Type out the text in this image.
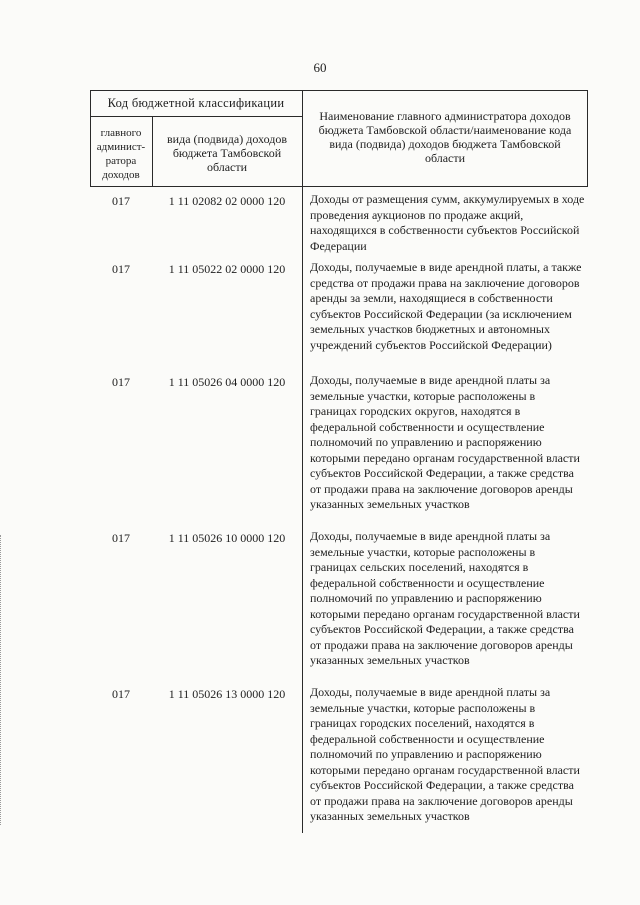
60
Код бюджетной классификации
главного админист-ратора доходов
вида (подвида) доходов бюджета Тамбовской области
Наименование главного администратора доходов бюджета Тамбовской области/наименование кода вида (подвида) доходов бюджета Тамбовской области
017	1 11 02082 02 0000 120	Доходы от размещения сумм, аккумулируемых в ходе проведения аукционов по продаже акций, находящихся в собственности субъектов Российской Федерации
017	1 11 05022 02 0000 120	Доходы, получаемые в виде арендной платы, а также средства от продажи права на заключение договоров аренды за земли, находящиеся в собственности субъектов Российской Федерации (за исключением земельных участков бюджетных и автономных учреждений субъектов Российской Федерации)
017	1 11 05026 04 0000 120	Доходы, получаемые в виде арендной платы за земельные участки, которые расположены в границах городских округов, находятся в федеральной собственности и осуществление полномочий по управлению и распоряжению которыми передано органам государственной власти субъектов Российской Федерации, а также средства от продажи права на заключение договоров аренды указанных земельных участков
017	1 11 05026 10 0000 120	Доходы, получаемые в виде арендной платы за земельные участки, которые расположены в границах сельских поселений, находятся в федеральной собственности и осуществление полномочий по управлению и распоряжению которыми передано органам государственной власти субъектов Российской Федерации, а также средства от продажи права на заключение договоров аренды указанных земельных участков
017	1 11 05026 13 0000 120	Доходы, получаемые в виде арендной платы за земельные участки, которые расположены в границах городских поселений, находятся в федеральной собственности и осуществление полномочий по управлению и распоряжению которыми передано органам государственной власти субъектов Российской Федерации, а также средства от продажи права на заключение договоров аренды указанных земельных участков
